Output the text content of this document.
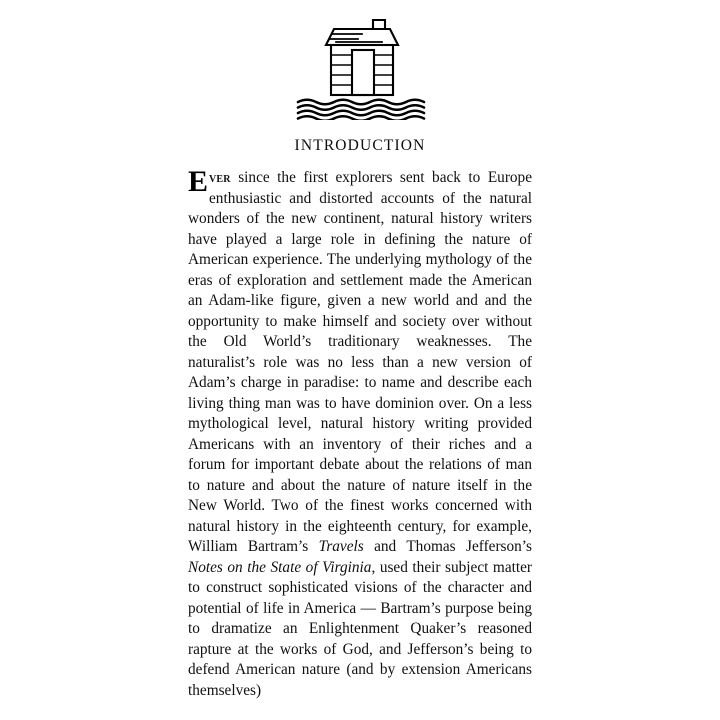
INTRODUCTION

Ever since the first explorers sent back to Europe enthusiastic and distorted accounts of the natural wonders of the new continent, natural history writers have played a large role in defining the nature of American experience. The underlying mythology of the eras of exploration and settlement made the American an Adam-like figure, given a new world and and the opportunity to make himself and society over without the Old World’s traditionary weaknesses. The naturalist’s role was no less than a new version of Adam’s charge in paradise: to name and describe each living thing man was to have dominion over. On a less mythological level, natural history writing provided Americans with an inventory of their riches and a forum for important debate about the relations of man to nature and about the nature of nature itself in the New World. Two of the finest works concerned with natural history in the eighteenth century, for example, William Bartram’s Travels and Thomas Jefferson’s Notes on the State of Virginia, used their subject matter to construct sophisticated visions of the character and potential of life in America — Bartram’s purpose being to dramatize an Enlightenment Quaker’s reasoned rapture at the works of God, and Jefferson’s being to defend American nature (and by extension Americans themselves)
